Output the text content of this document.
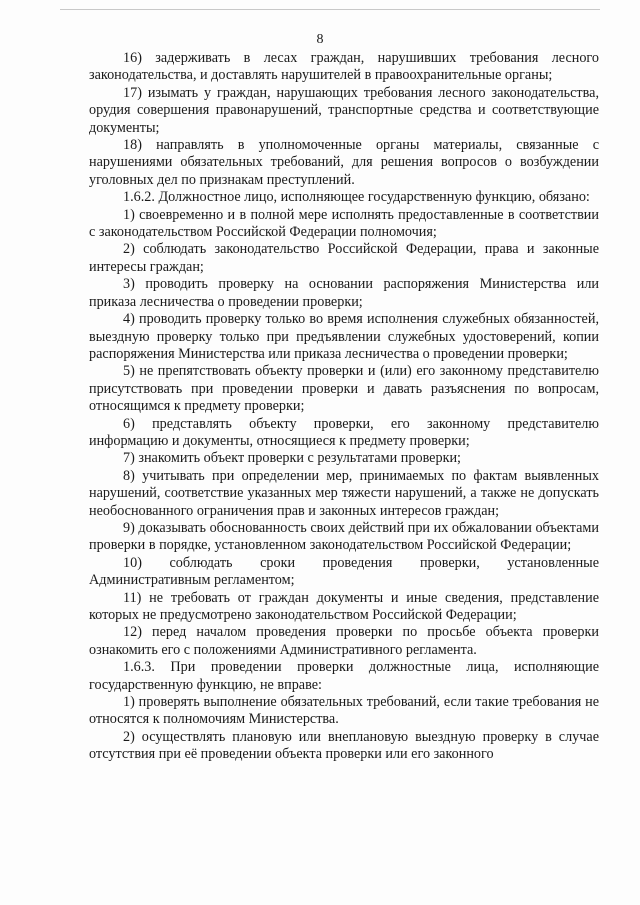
8

16) задерживать в лесах граждан, нарушивших требования лесного законодательства, и доставлять нарушителей в правоохранительные органы;

17) изымать у граждан, нарушающих требования лесного законодательства, орудия совершения правонарушений, транспортные средства и соответствующие документы;

18) направлять в уполномоченные органы материалы, связанные с нарушениями обязательных требований, для решения вопросов о возбуждении уголовных дел по признакам преступлений.

1.6.2. Должностное лицо, исполняющее государственную функцию, обязано:

1) своевременно и в полной мере исполнять предоставленные в соответствии с законодательством Российской Федерации полномочия;

2) соблюдать законодательство Российской Федерации, права и законные интересы граждан;

3) проводить проверку на основании распоряжения Министерства или приказа лесничества о проведении проверки;

4) проводить проверку только во время исполнения служебных обязанностей, выездную проверку только при предъявлении служебных удостоверений, копии распоряжения Министерства или приказа лесничества о проведении проверки;

5) не препятствовать объекту проверки и (или) его законному представителю присутствовать при проведении проверки и давать разъяснения по вопросам, относящимся к предмету проверки;

6) представлять объекту проверки, его законному представителю информацию и документы, относящиеся к предмету проверки;

7) знакомить объект проверки с результатами проверки;

8) учитывать при определении мер, принимаемых по фактам выявленных нарушений, соответствие указанных мер тяжести нарушений, а также не допускать необоснованного ограничения прав и законных интересов граждан;

9) доказывать обоснованность своих действий при их обжаловании объектами проверки в порядке, установленном законодательством Российской Федерации;

10) соблюдать сроки проведения проверки, установленные Административным регламентом;

11) не требовать от граждан документы и иные сведения, представление которых не предусмотрено законодательством Российской Федерации;

12) перед началом проведения проверки по просьбе объекта проверки ознакомить его с положениями Административного регламента.

1.6.3. При проведении проверки должностные лица, исполняющие государственную функцию, не вправе:

1) проверять выполнение обязательных требований, если такие требования не относятся к полномочиям Министерства.

2) осуществлять плановую или внеплановую выездную проверку в случае отсутствия при её проведении объекта проверки или его законного
